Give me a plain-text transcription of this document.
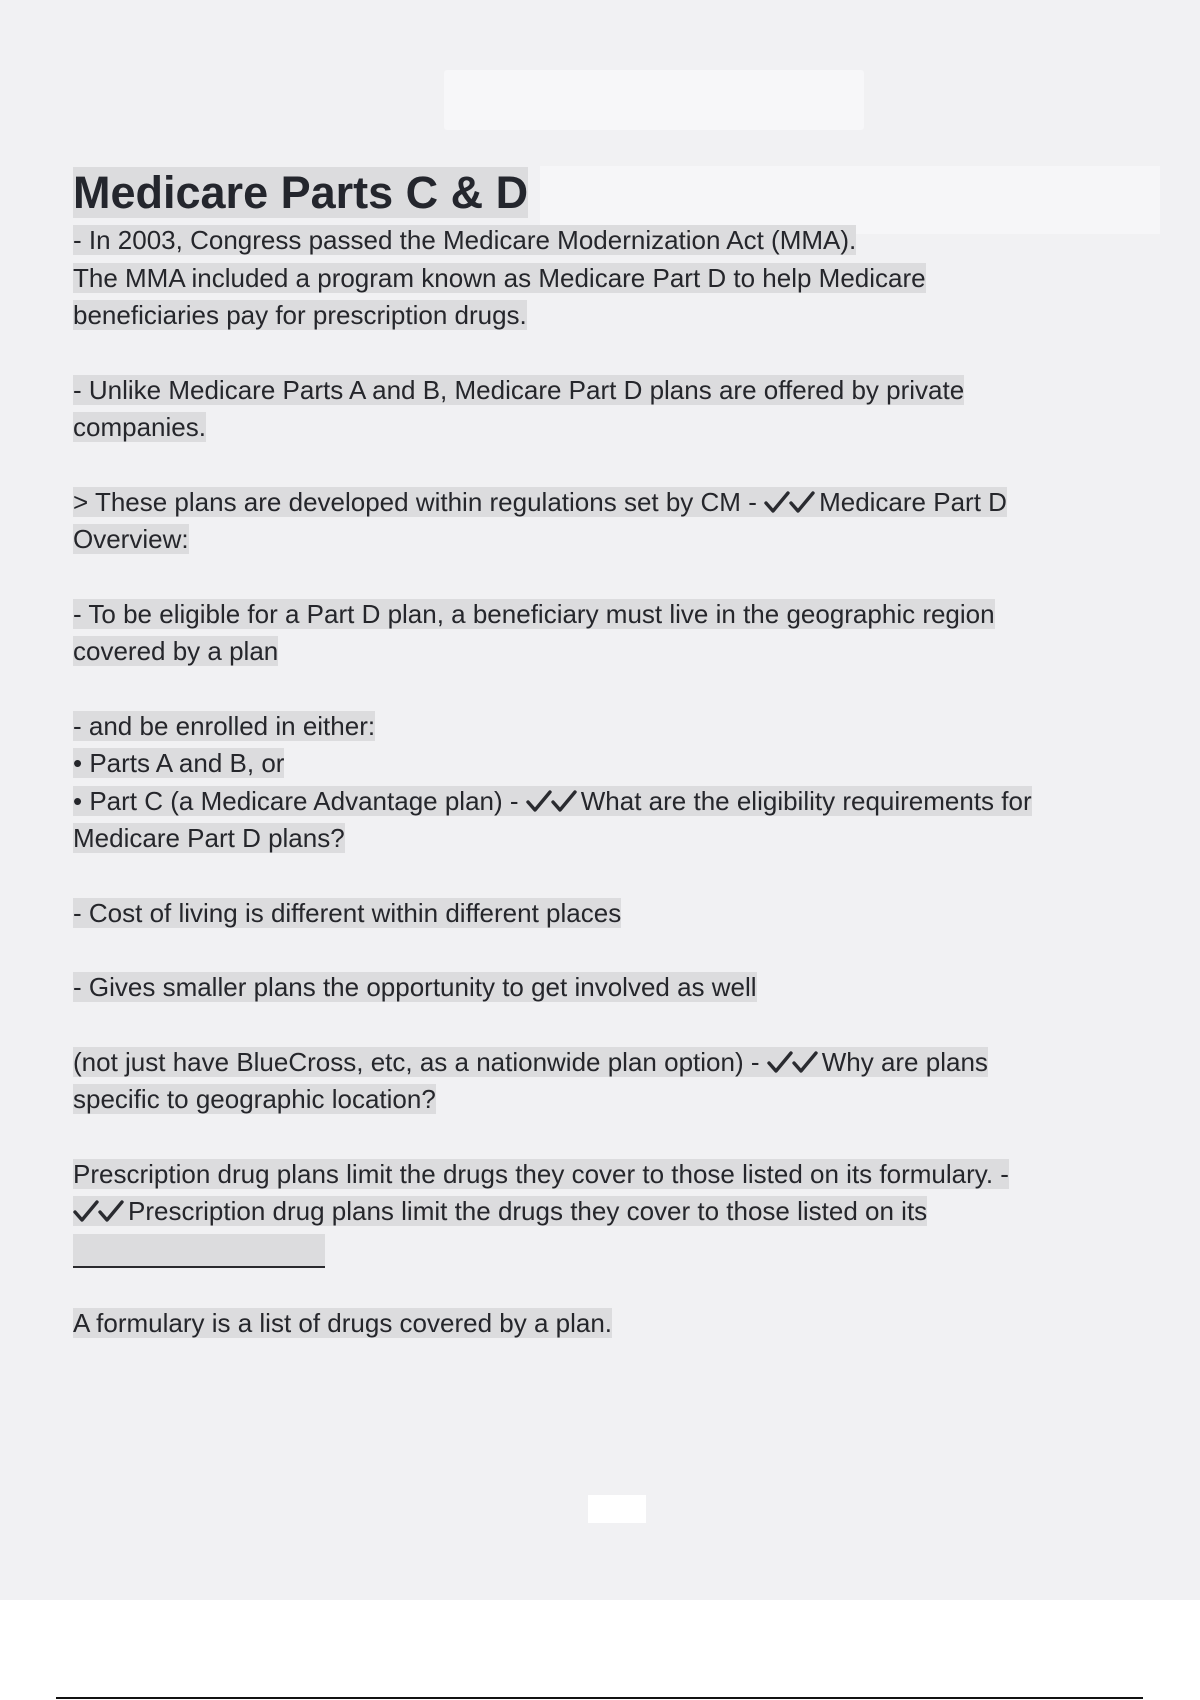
Medicare Parts C & D

- In 2003, Congress passed the Medicare Modernization Act (MMA).
The MMA included a program known as Medicare Part D to help Medicare
beneficiaries pay for prescription drugs.

- Unlike Medicare Parts A and B, Medicare Part D plans are offered by private
companies.

> These plans are developed within regulations set by CM -
Medicare Part D
Overview:

- To be eligible for a Part D plan, a beneficiary must live in the geographic region
covered by a plan

- and be enrolled in either:
• Parts A and B, or
• Part C (a Medicare Advantage plan) -
What are the eligibility requirements for
Medicare Part D plans?

- Cost of living is different within different places

- Gives smaller plans the opportunity to get involved as well

(not just have BlueCross, etc, as a nationwide plan option) -
Why are plans
specific to geographic location?

Prescription drug plans limit the drugs they cover to those listed on its formulary. -
Prescription drug plans limit the drugs they cover to those listed on its

A formulary is a list of drugs covered by a plan.
